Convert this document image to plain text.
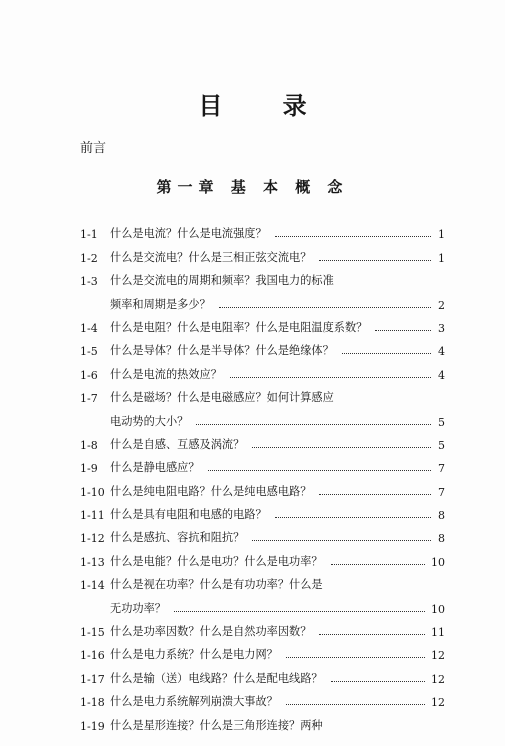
目 录
前言
第一章 基 本 概 念
1-1	什么是电流？什么是电流强度？	1
1-2	什么是交流电？什么是三相正弦交流电？	1
1-3	什么是交流电的周期和频率？我国电力的标准
频率和周期是多少？	2
1-4	什么是电阻？什么是电阻率？什么是电阻温度系数？	3
1-5	什么是导体？什么是半导体？什么是绝缘体？	4
1-6	什么是电流的热效应？	4
1-7	什么是磁场？什么是电磁感应？如何计算感应
电动势的大小？	5
1-8	什么是自感、互感及涡流？	5
1-9	什么是静电感应？	7
1-10 什么是纯电阻电路？什么是纯电感电路？	7
1-11 什么是具有电阻和电感的电路？	8
1-12 什么是感抗、容抗和阻抗？	8
1-13 什么是电能？什么是电功？什么是电功率？	10
1-14 什么是视在功率？什么是有功功率？什么是
无功功率？	10
1-15 什么是功率因数？什么是自然功率因数？	11
1-16 什么是电力系统？什么是电力网？	12
1-17 什么是输（送）电线路？什么是配电线路？	12
1-18 什么是电力系统解列崩溃大事故？	12
1-19 什么是星形连接？什么是三角形连接？两种
